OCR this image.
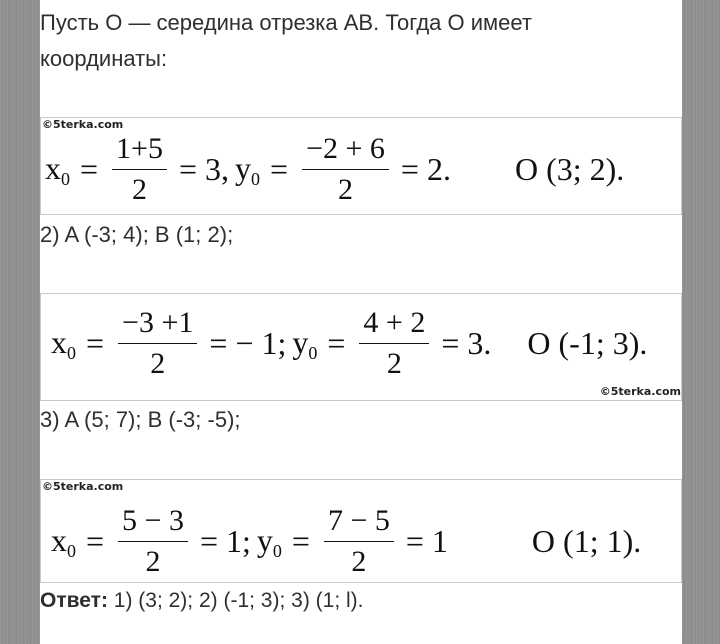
Пусть O — середина отрезка AB. Тогда O имеет координаты:
©5terka.com
$x_0 = \frac{1+5}{2} = 3$, $y_0 = \frac{-2 + 6}{2} = 2$. O (3; 2).
2) A (-3; 4); B (1; 2);
$x_0 = \frac{-3 +1}{2}$ = − 1; $y_0 = \frac{4 + 2}{2} = 3$. O (-1; 3).
©5terka.com
3) A (5; 7); B (-3; -5);
©5terka.com
$x_0 = \frac{5 - 3}{2} = 1$; $y_0 = \frac{7 - 5}{2} = 1$	O (1; 1).
Ответ: 1) (3; 2); 2) (-1; 3); 3) (1; l).
